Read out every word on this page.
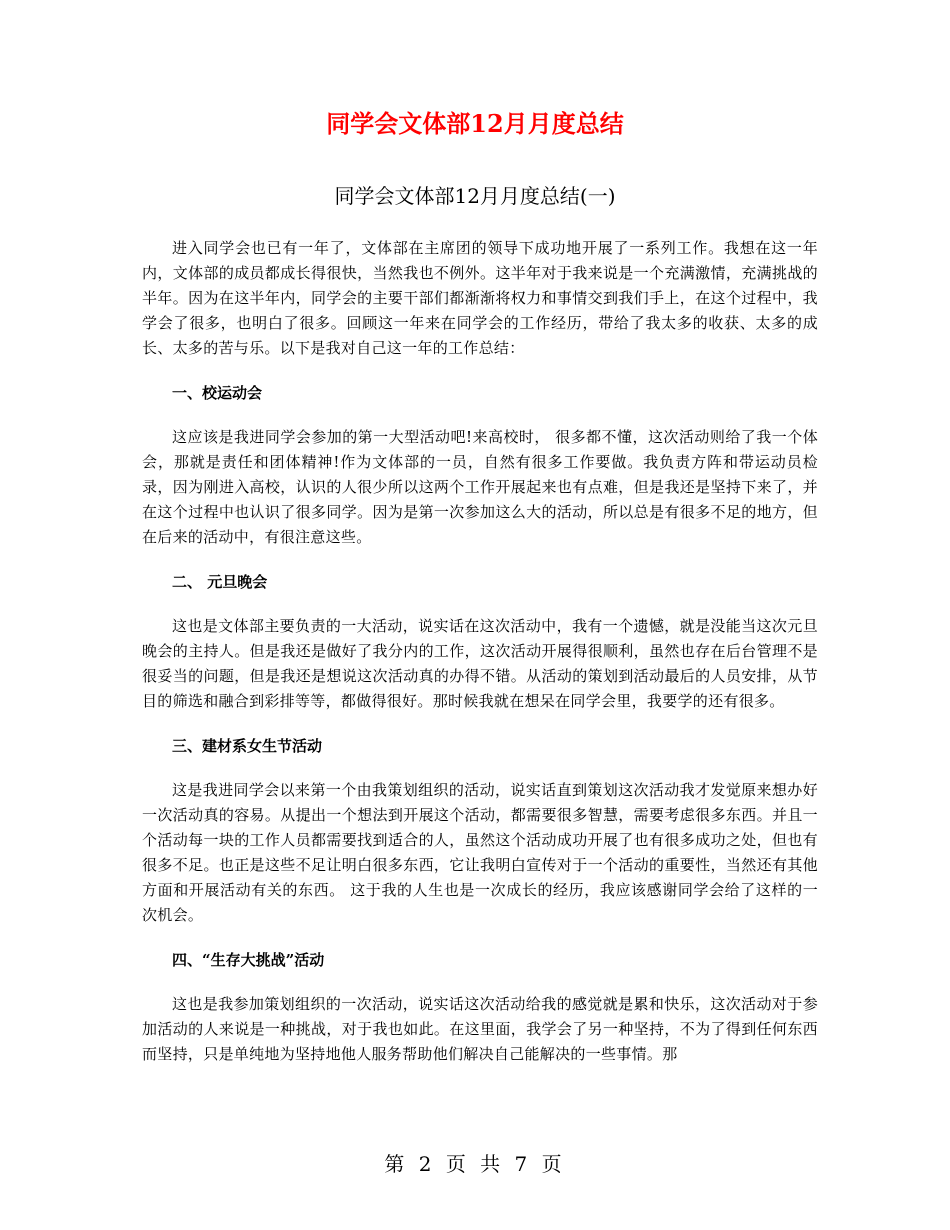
同学会文体部12月月度总结
同学会文体部12月月度总结(一)

进入同学会也已有一年了，文体部在主席团的领导下成功地开展了一系列工作。我想在这一年内，文体部的成员都成长得很快，当然我也不例外。这半年对于我来说是一个充满激情，充满挑战的半年。因为在这半年内，同学会的主要干部们都渐渐将权力和事情交到我们手上，在这个过程中，我学会了很多，也明白了很多。回顾这一年来在同学会的工作经历，带给了我太多的收获、太多的成长、太多的苦与乐。以下是我对自己这一年的工作总结：

一、校运动会

这应该是我进同学会参加的第一大型活动吧!来高校时， 很多都不懂，这次活动则给了我一个体会，那就是责任和团体精神!作为文体部的一员，自然有很多工作要做。我负责方阵和带运动员检录，因为刚进入高校，认识的人很少所以这两个工作开展起来也有点难，但是我还是坚持下来了，并在这个过程中也认识了很多同学。因为是第一次参加这么大的活动，所以总是有很多不足的地方，但在后来的活动中，有很注意这些。

二、 元旦晚会

这也是文体部主要负责的一大活动，说实话在这次活动中，我有一个遗憾，就是没能当这次元旦晚会的主持人。但是我还是做好了我分内的工作，这次活动开展得很顺利，虽然也存在后台管理不是很妥当的问题，但是我还是想说这次活动真的办得不错。从活动的策划到活动最后的人员安排，从节目的筛选和融合到彩排等等，都做得很好。那时候我就在想呆在同学会里，我要学的还有很多。

三、建材系女生节活动

这是我进同学会以来第一个由我策划组织的活动，说实话直到策划这次活动我才发觉原来想办好一次活动真的容易。从提出一个想法到开展这个活动，都需要很多智慧，需要考虑很多东西。并且一个活动每一块的工作人员都需要找到适合的人，虽然这个活动成功开展了也有很多成功之处，但也有很多不足。也正是这些不足让明白很多东西，它让我明白宣传对于一个活动的重要性，当然还有其他方面和开展活动有关的东西。 这于我的人生也是一次成长的经历，我应该感谢同学会给了这样的一次机会。

四、“生存大挑战”活动

这也是我参加策划组织的一次活动，说实话这次活动给我的感觉就是累和快乐，这次活动对于参加活动的人来说是一种挑战，对于我也如此。在这里面，我学会了另一种坚持，不为了得到任何东西而坚持，只是单纯地为坚持地他人服务帮助他们解决自己能解决的一些事情。那

第 2 页 共 7 页
